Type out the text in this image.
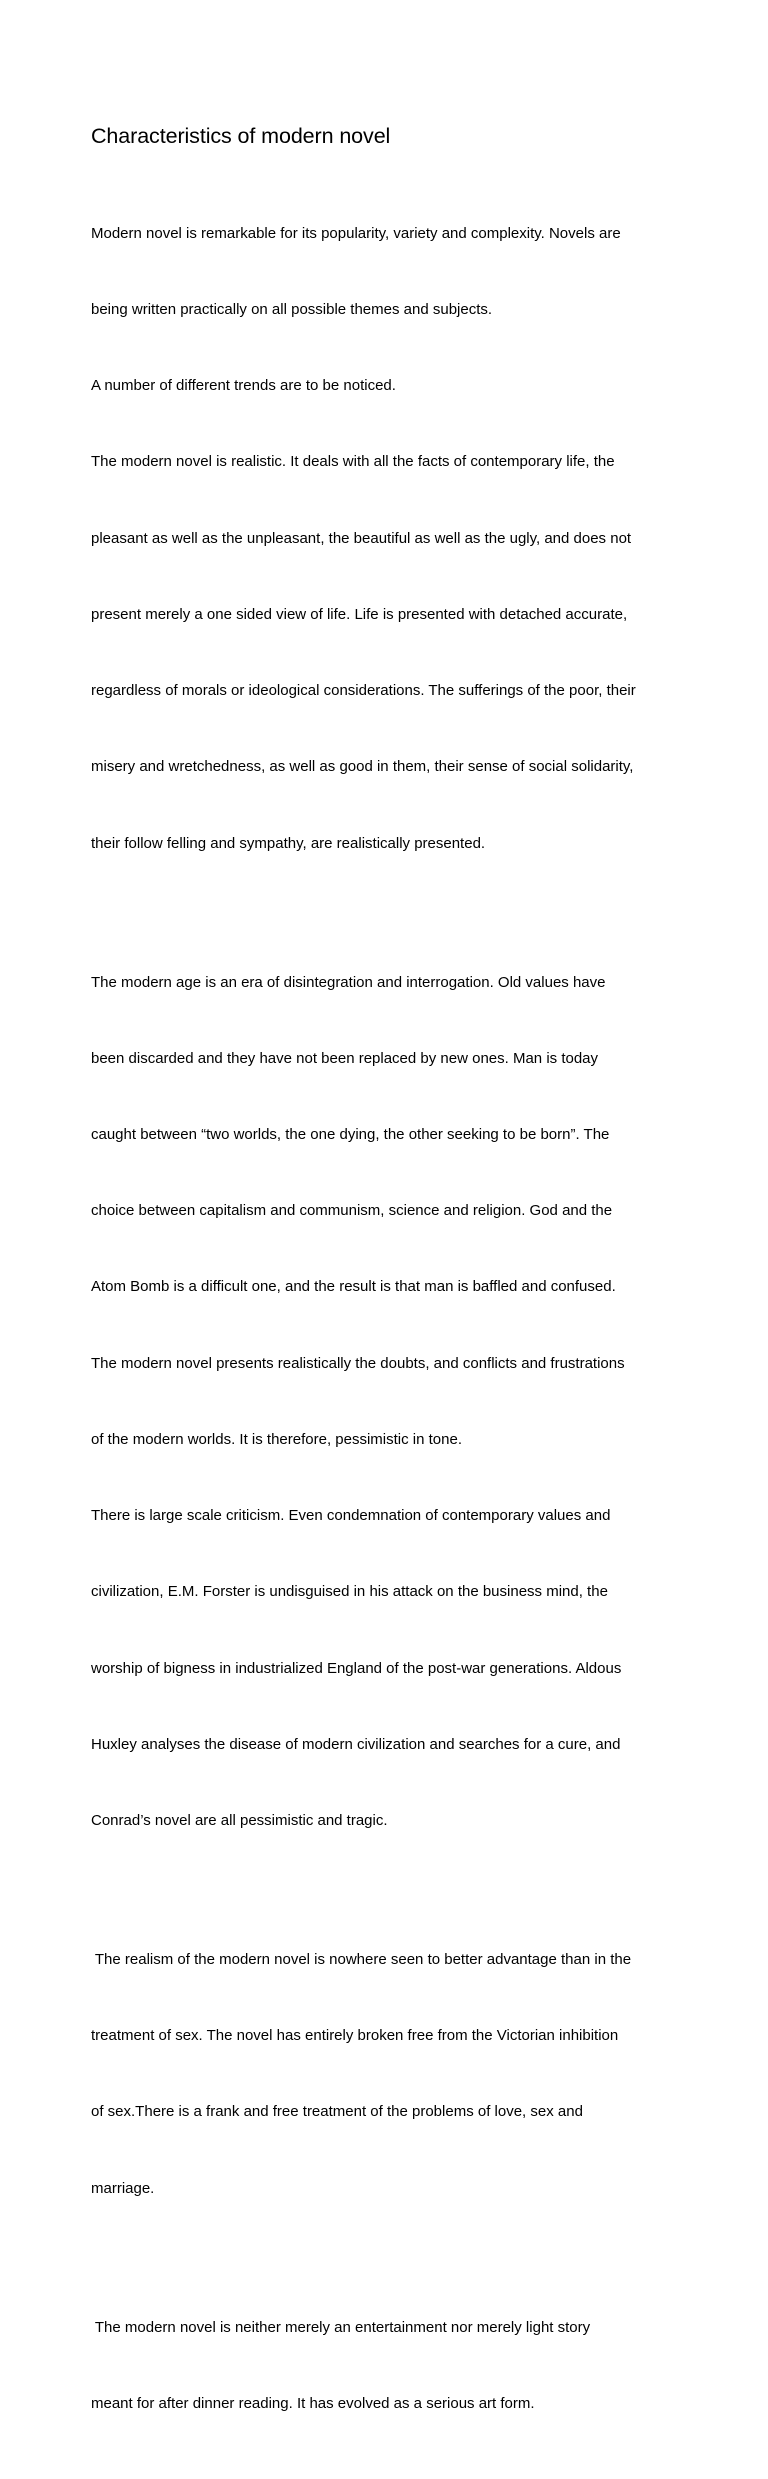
Characteristics of modern novel

Modern novel is remarkable for its popularity, variety and complexity. Novels are

being written practically on all possible themes and subjects.

A number of different trends are to be noticed.

The modern novel is realistic. It deals with all the facts of contemporary life, the

pleasant as well as the unpleasant, the beautiful as well as the ugly, and does not

present merely a one sided view of life. Life is presented with detached accurate,

regardless of morals or ideological considerations. The sufferings of the poor, their

misery and wretchedness, as well as good in them, their sense of social solidarity,

their follow felling and sympathy, are realistically presented.

The modern age is an era of disintegration and interrogation. Old values have

been discarded and they have not been replaced by new ones. Man is today

caught between “two worlds, the one dying, the other seeking to be born”. The

choice between capitalism and communism, science and religion. God and the

Atom Bomb is a difficult one, and the result is that man is baffled and confused.

The modern novel presents realistically the doubts, and conflicts and frustrations

of the modern worlds. It is therefore, pessimistic in tone.

There is large scale criticism. Even condemnation of contemporary values and

civilization, E.M. Forster is undisguised in his attack on the business mind, the

worship of bigness in industrialized England of the post-war generations. Aldous

Huxley analyses the disease of modern civilization and searches for a cure, and

Conrad’s novel are all pessimistic and tragic.

The realism of the modern novel is nowhere seen to better advantage than in the

treatment of sex. The novel has entirely broken free from the Victorian inhibition

of sex.There is a frank and free treatment of the problems of love, sex and

marriage.

The modern novel is neither merely an entertainment nor merely light story

meant for after dinner reading. It has evolved as a serious art form.
